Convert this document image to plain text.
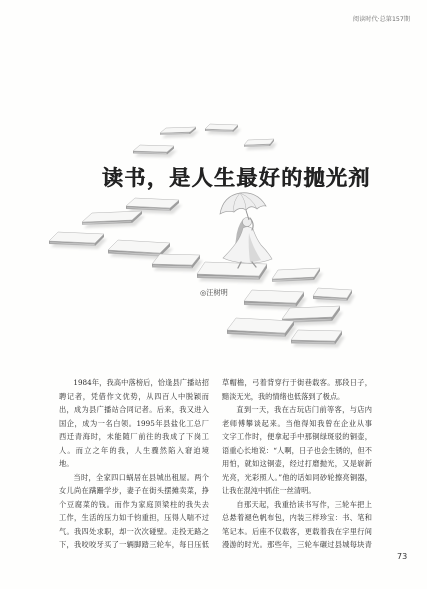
阅读时代·总第157期
读书，是人生最好的抛光剂
◎汪树明
1984年，我高中落榜后，恰逢县广播站招
聘记者，凭借作文优势，从四百人中脱颖而
出，成为县广播站合同记者。后来，我又进入
国企，成为一名白领。1995年县盐化工总厂
西迁青海时，未能随厂前往的我成了下岗工
人。而立之年的我，人生骤然陷入窘迫境
地。
当时，全家四口蜗居在县城出租屋。两个
女儿尚在蹒跚学步，妻子在街头摆摊卖菜，挣
个豆腐菜的钱。而作为家庭顶梁柱的我失去
工作，生活的压力如千钧重担，压得人喘不过
气。我四处求职，却一次次碰壁。走投无路之
下，我咬咬牙买了一辆脚踏三轮车，每日压低
草帽檐，弓着背穿行于街巷载客。那段日子，
黯淡无光，我的情绪也低落到了极点。
直到一天，我在古玩店门前等客，与店内
老师傅攀谈起来。当他得知我曾在企业从事
文字工作时，便拿起手中那铜绿斑驳的铜壶，
语重心长地说：“人啊，日子也会生锈的，但不
用怕，就如这铜壶，经过打磨抛光，又是崭新
光亮，光彩照人。”他的话如同砂轮擦亮铜器，
让我在混沌中抓住一丝清明。
自那天起，我重拾读书写作，三轮车把上
总悬着褪色帆布包，内装三样珍宝：书、笔和
笔记本。后座不仅载客，更载着我在字里行间
漫游的时光。那些年，三轮车碾过县城每块青
73
